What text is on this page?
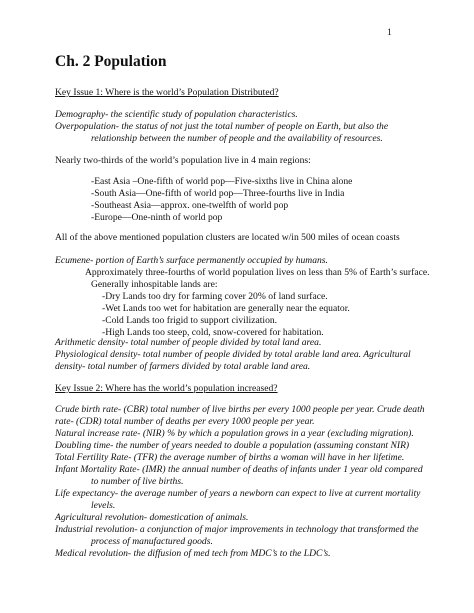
1
Ch. 2 Population
Key Issue 1: Where is the world’s Population Distributed?
Demography- the scientific study of population characteristics.
Overpopulation- the status of not just the total number of people on Earth, but also the
relationship between the number of people and the availability of resources.
Nearly two-thirds of the world’s population live in 4 main regions:
-East Asia –One-fifth of world pop—Five-sixths live in China alone
-South Asia—One-fifth of world pop—Three-fourths live in India
-Southeast Asia—approx. one-twelfth of world pop
-Europe—One-ninth of world pop
All of the above mentioned population clusters are located w/in 500 miles of ocean coasts
Ecumene- portion of Earth’s surface permanently occupied by humans.
Approximately three-fourths of world population lives on less than 5% of Earth’s surface.
Generally inhospitable lands are:
-Dry Lands too dry for farming cover 20% of land surface.
-Wet Lands too wet for habitation are generally near the equator.
-Cold Lands too frigid to support civilization.
-High Lands too steep, cold, snow-covered for habitation.
Arithmetic density- total number of people divided by total land area.
Physiological density- total number of people divided by total arable land area. Agricultural
density- total number of farmers divided by total arable land area.
Key Issue 2: Where has the world’s population increased?
Crude birth rate- (CBR) total number of live births per every 1000 people per year. Crude death
rate- (CDR) total number of deaths per every 1000 people per year.
Natural increase rate- (NIR) % by which a population grows in a year (excluding migration).
Doubling time- the number of years needed to double a population (assuming constant NIR)
Total Fertility Rate- (TFR) the average number of births a woman will have in her lifetime.
Infant Mortality Rate- (IMR) the annual number of deaths of infants under 1 year old compared
to number of live births.
Life expectancy- the average number of years a newborn can expect to live at current mortality
levels.
Agricultural revolution- domestication of animals.
Industrial revolution- a conjunction of major improvements in technology that transformed the
process of manufactured goods.
Medical revolution- the diffusion of med tech from MDC’s to the LDC’s.
